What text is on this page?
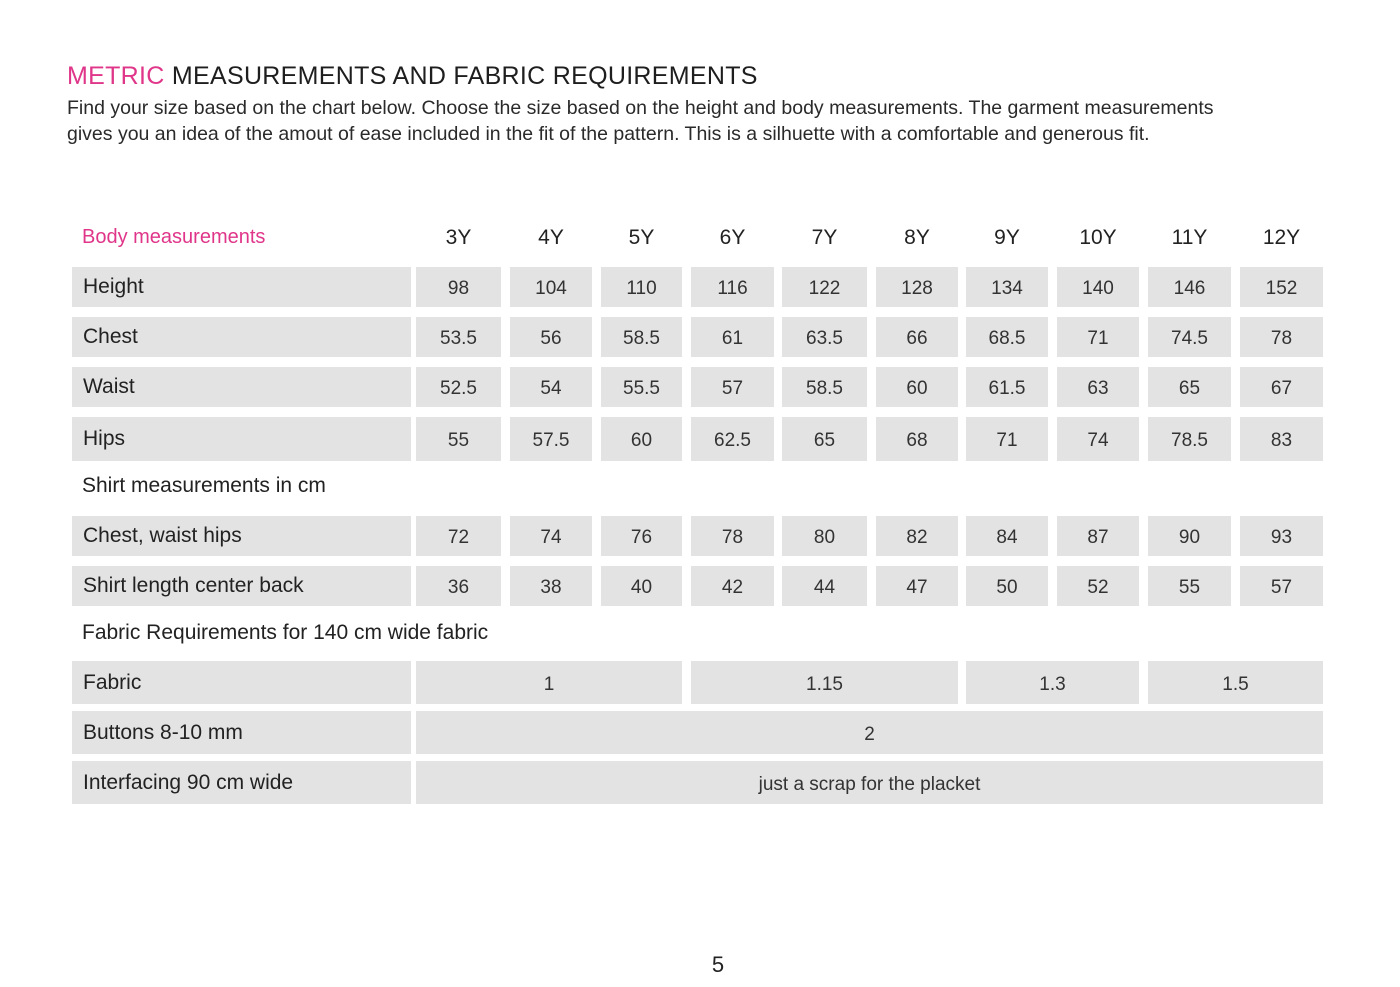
METRIC MEASUREMENTS AND FABRIC REQUIREMENTS
Find your size based on the chart below. Choose the size based on the height and body measurements. The garment measurements
gives you an idea of the amout of ease included in the fit of the pattern. This is a silhuette with a comfortable and generous fit.
Body measurements	3Y	4Y	5Y	6Y	7Y	8Y	9Y	10Y	11Y	12Y
Height	98	104	110	116	122	128	134	140	146	152
Chest	53.5	56	58.5	61	63.5	66	68.5	71	74.5	78
Waist	52.5	54	55.5	57	58.5	60	61.5	63	65	67
Hips	55	57.5	60	62.5	65	68	71	74	78.5	83
Shirt measurements in cm
Chest, waist hips	72	74	76	78	80	82	84	87	90	93
Shirt length center back	36	38	40	42	44	47	50	52	55	57
Fabric Requirements for 140 cm wide fabric
Fabric	1	1.15	1.3	1.5
Buttons 8-10 mm	2
Interfacing 90 cm wide	just a scrap for the placket
5
